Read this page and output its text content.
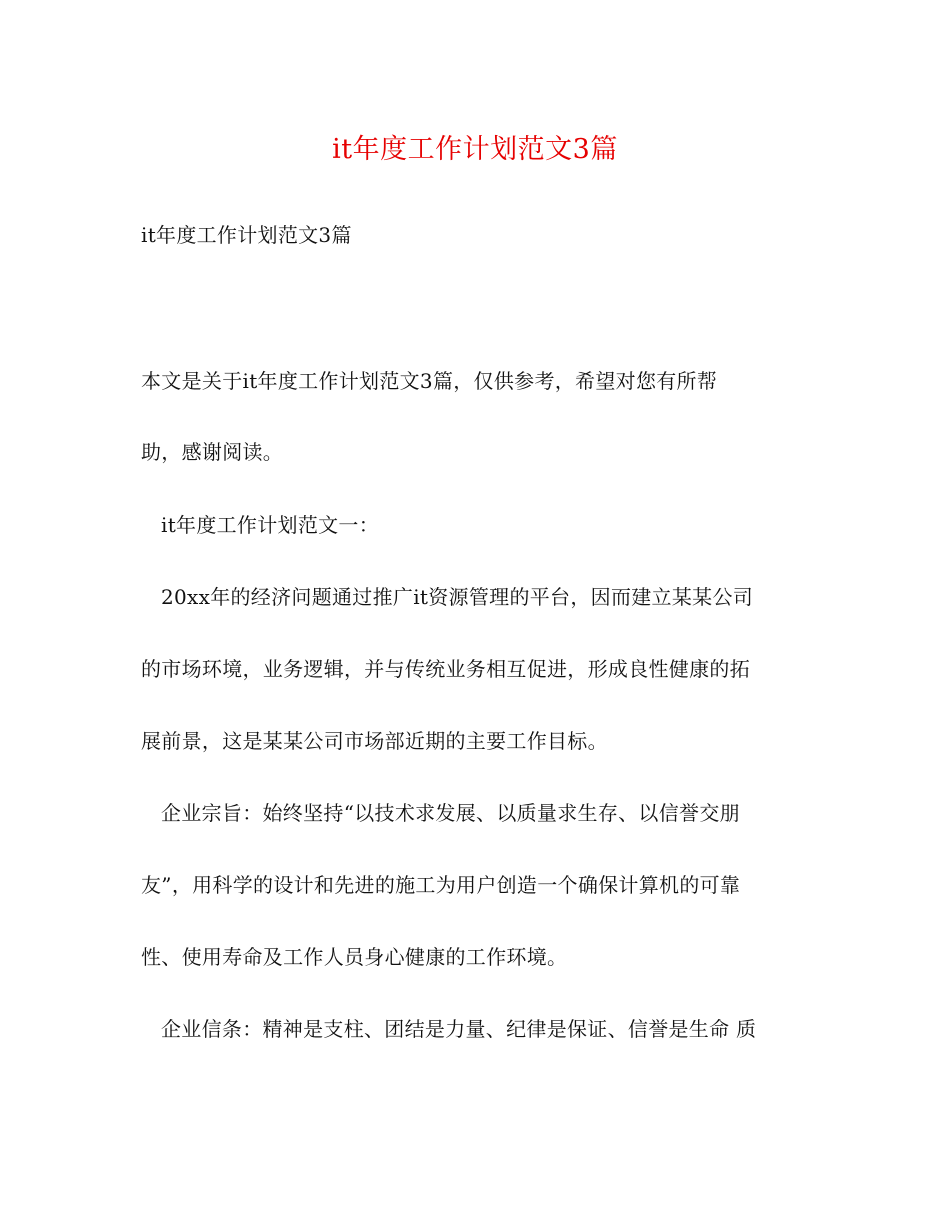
it年度工作计划范文3篇
it年度工作计划范文3篇
本文是关于it年度工作计划范文3篇，仅供参考，希望对您有所帮
助，感谢阅读。
it年度工作计划范文一：
20xx年的经济问题通过推广it资源管理的平台，因而建立某某公司
的市场环境，业务逻辑，并与传统业务相互促进，形成良性健康的拓
展前景，这是某某公司市场部近期的主要工作目标。
企业宗旨：始终坚持“以技术求发展、以质量求生存、以信誉交朋
友”，用科学的设计和先进的施工为用户创造一个确保计算机的可靠
性、使用寿命及工作人员身心健康的工作环境。
企业信条：精神是支柱、团结是力量、纪律是保证、信誉是生命 质
